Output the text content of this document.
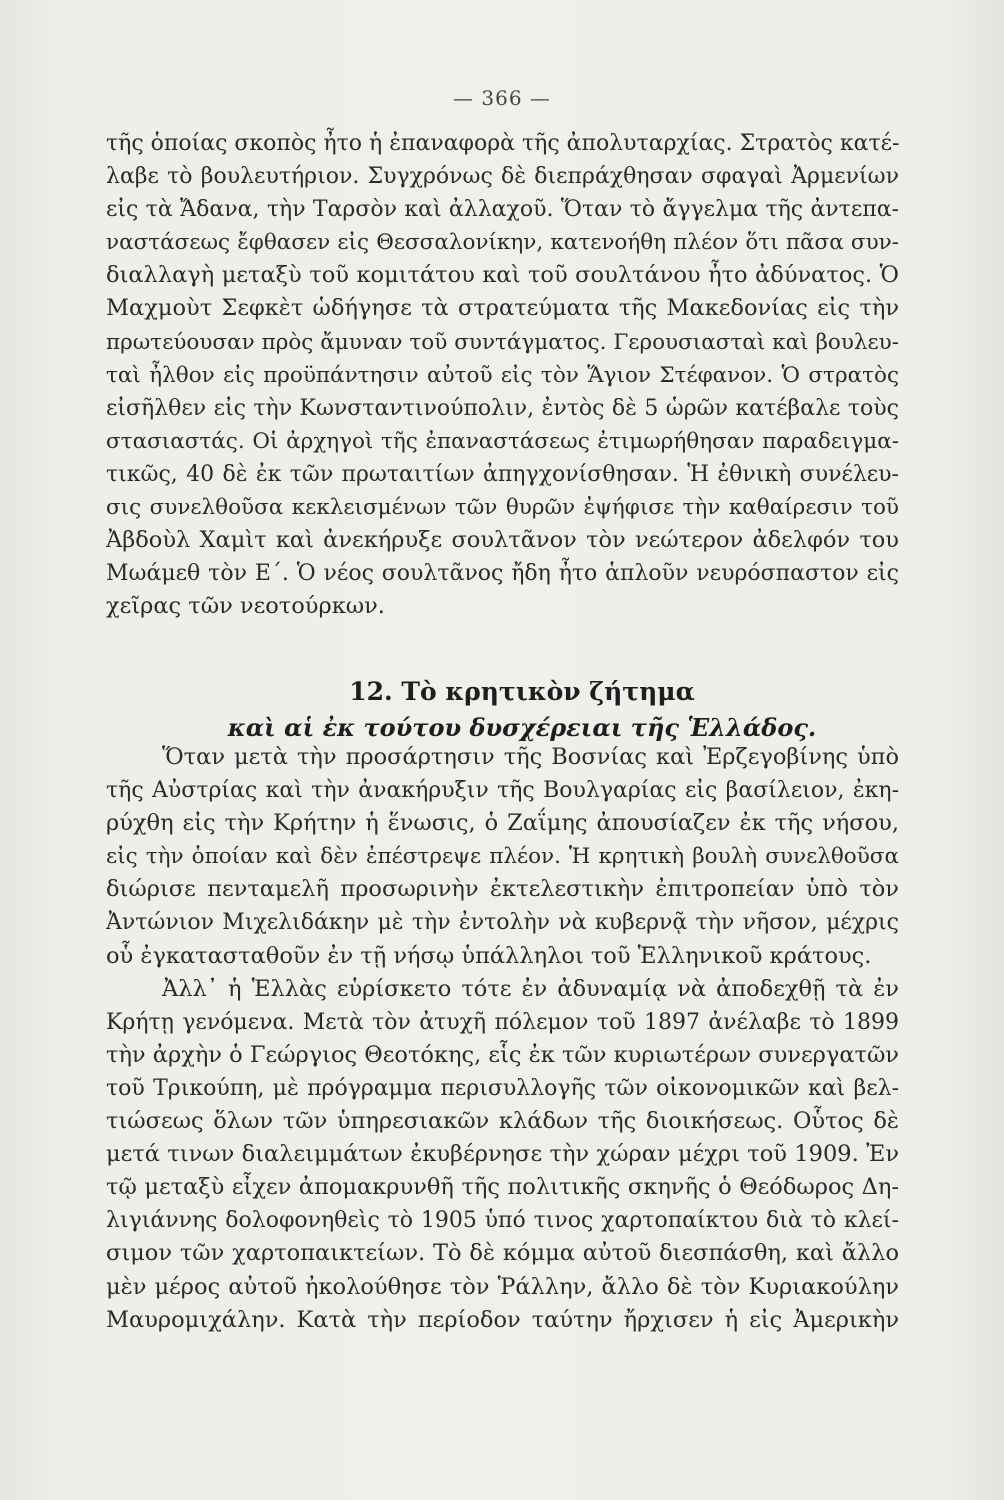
— 366 —
τῆς ὁποίας σκοπὸς ἦτο ἡ ἐπαναφορὰ τῆς ἀπολυταρχίας. Στρατὸς κατέ-
λαβε τὸ βουλευτήριον. Συγχρόνως δὲ διεπράχθησαν σφαγαὶ Ἀρμενίων
εἰς τὰ Ἄδανα, τὴν Ταρσὸν καὶ ἀλλαχοῦ. Ὅταν τὸ ἄγγελμα τῆς ἀντεπα-
ναστάσεως ἔφθασεν εἰς Θεσσαλονίκην, κατενοήθη πλέον ὅτι πᾶσα συν-
διαλλαγὴ μεταξὺ τοῦ κομιτάτου καὶ τοῦ σουλτάνου ἦτο ἀδύνατος. Ὁ
Μαχμοὺτ Σεφκὲτ ὡδήγησε τὰ στρατεύματα τῆς Μακεδονίας εἰς τὴν
πρωτεύουσαν πρὸς ἄμυναν τοῦ συντάγματος. Γερουσιασταὶ καὶ βουλευ-
ταὶ ἦλθον εἰς προϋπάντησιν αὐτοῦ εἰς τὸν Ἅγιον Στέφανον. Ὁ στρατὸς
εἰσῆλθεν εἰς τὴν Κωνσταντινούπολιν, ἐντὸς δὲ 5 ὡρῶν κατέβαλε τοὺς
στασιαστάς. Οἱ ἀρχηγοὶ τῆς ἐπαναστάσεως ἐτιμωρήθησαν παραδειγμα-
τικῶς, 40 δὲ ἐκ τῶν πρωταιτίων ἀπηγχονίσθησαν. Ἡ ἐθνικὴ συνέλευ-
σις συνελθοῦσα κεκλεισμένων τῶν θυρῶν ἐψήφισε τὴν καθαίρεσιν τοῦ
Ἀβδοὺλ Χαμὶτ καὶ ἀνεκήρυξε σουλτᾶνον τὸν νεώτερον ἀδελφόν του
Μωάμεθ τὸν Ε΄. Ὁ νέος σουλτᾶνος ἤδη ἦτο ἁπλοῦν νευρόσπαστον εἰς
χεῖρας τῶν νεοτούρκων.
12. Τὸ κρητικὸν ζήτημα
καὶ αἱ ἐκ τούτου δυσχέρειαι τῆς Ἑλλάδος.
Ὅταν μετὰ τὴν προσάρτησιν τῆς Βοσνίας καὶ Ἐρζεγοβίνης ὑπὸ
τῆς Αὐστρίας καὶ τὴν ἀνακήρυξιν τῆς Βουλγαρίας εἰς βασίλειον, ἐκη-
ρύχθη εἰς τὴν Κρήτην ἡ ἕνωσις, ὁ Ζαΐμης ἀπουσίαζεν ἐκ τῆς νήσου,
εἰς τὴν ὁποίαν καὶ δὲν ἐπέστρεψε πλέον. Ἡ κρητικὴ βουλὴ συνελθοῦσα
διώρισε πενταμελῆ προσωρινὴν ἐκτελεστικὴν ἐπιτροπείαν ὑπὸ τὸν
Ἀντώνιον Μιχελιδάκην μὲ τὴν ἐντολὴν νὰ κυβερνᾷ τὴν νῆσον, μέχρις
οὗ ἐγκατασταθοῦν ἐν τῇ νήσῳ ὑπάλληλοι τοῦ Ἑλληνικοῦ κράτους.
Ἀλλ᾽ ἡ Ἑλλὰς εὑρίσκετο τότε ἐν ἀδυναμίᾳ νὰ ἀποδεχθῇ τὰ ἐν
Κρήτῃ γενόμενα. Μετὰ τὸν ἀτυχῆ πόλεμον τοῦ 1897 ἀνέλαβε τὸ 1899
τὴν ἀρχὴν ὁ Γεώργιος Θεοτόκης, εἷς ἐκ τῶν κυριωτέρων συνεργατῶν
τοῦ Τρικούπη, μὲ πρόγραμμα περισυλλογῆς τῶν οἰκονομικῶν καὶ βελ-
τιώσεως ὅλων τῶν ὑπηρεσιακῶν κλάδων τῆς διοικήσεως. Οὗτος δὲ
μετά τινων διαλειμμάτων ἐκυβέρνησε τὴν χώραν μέχρι τοῦ 1909. Ἐν
τῷ μεταξὺ εἶχεν ἀπομακρυνθῆ τῆς πολιτικῆς σκηνῆς ὁ Θεόδωρος Δη-
λιγιάννης δολοφονηθεὶς τὸ 1905 ὑπό τινος χαρτοπαίκτου διὰ τὸ κλεί-
σιμον τῶν χαρτοπαικτείων. Τὸ δὲ κόμμα αὐτοῦ διεσπάσθη, καὶ ἄλλο
μὲν μέρος αὐτοῦ ἠκολούθησε τὸν Ῥάλλην, ἄλλο δὲ τὸν Κυριακούλην
Μαυρομιχάλην. Κατὰ τὴν περίοδον ταύτην ἤρχισεν ἡ εἰς Ἀμερικὴν
